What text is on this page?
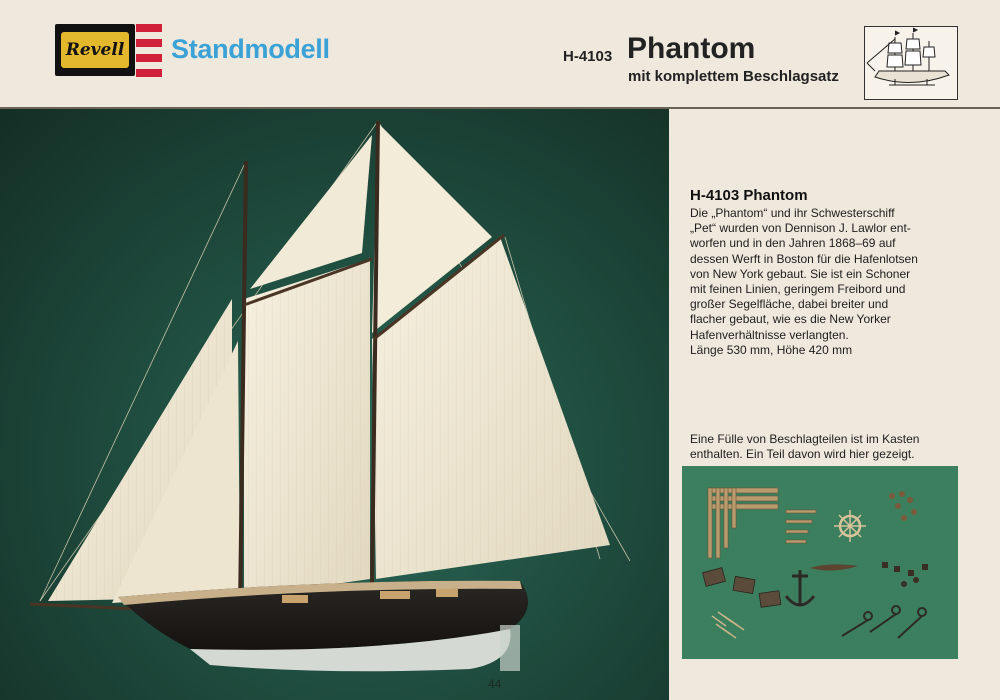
Revell Standmodell	H-4103 Phantom
mit komplettem Beschlagsatz
44
H-4103 Phantom
Die „Phantom“ und ihr Schwesterschiff
„Pet“ wurden von Dennison J. Lawlor ent-
worfen und in den Jahren 1868–69 auf
dessen Werft in Boston für die Hafenlotsen
von New York gebaut. Sie ist ein Schoner
mit feinen Linien, geringem Freibord und
großer Segelfläche, dabei breiter und
flacher gebaut, wie es die New Yorker
Hafenverhältnisse verlangten.
Länge 530 mm, Höhe 420 mm
Eine Fülle von Beschlagteilen ist im Kasten
enthalten. Ein Teil davon wird hier gezeigt.
